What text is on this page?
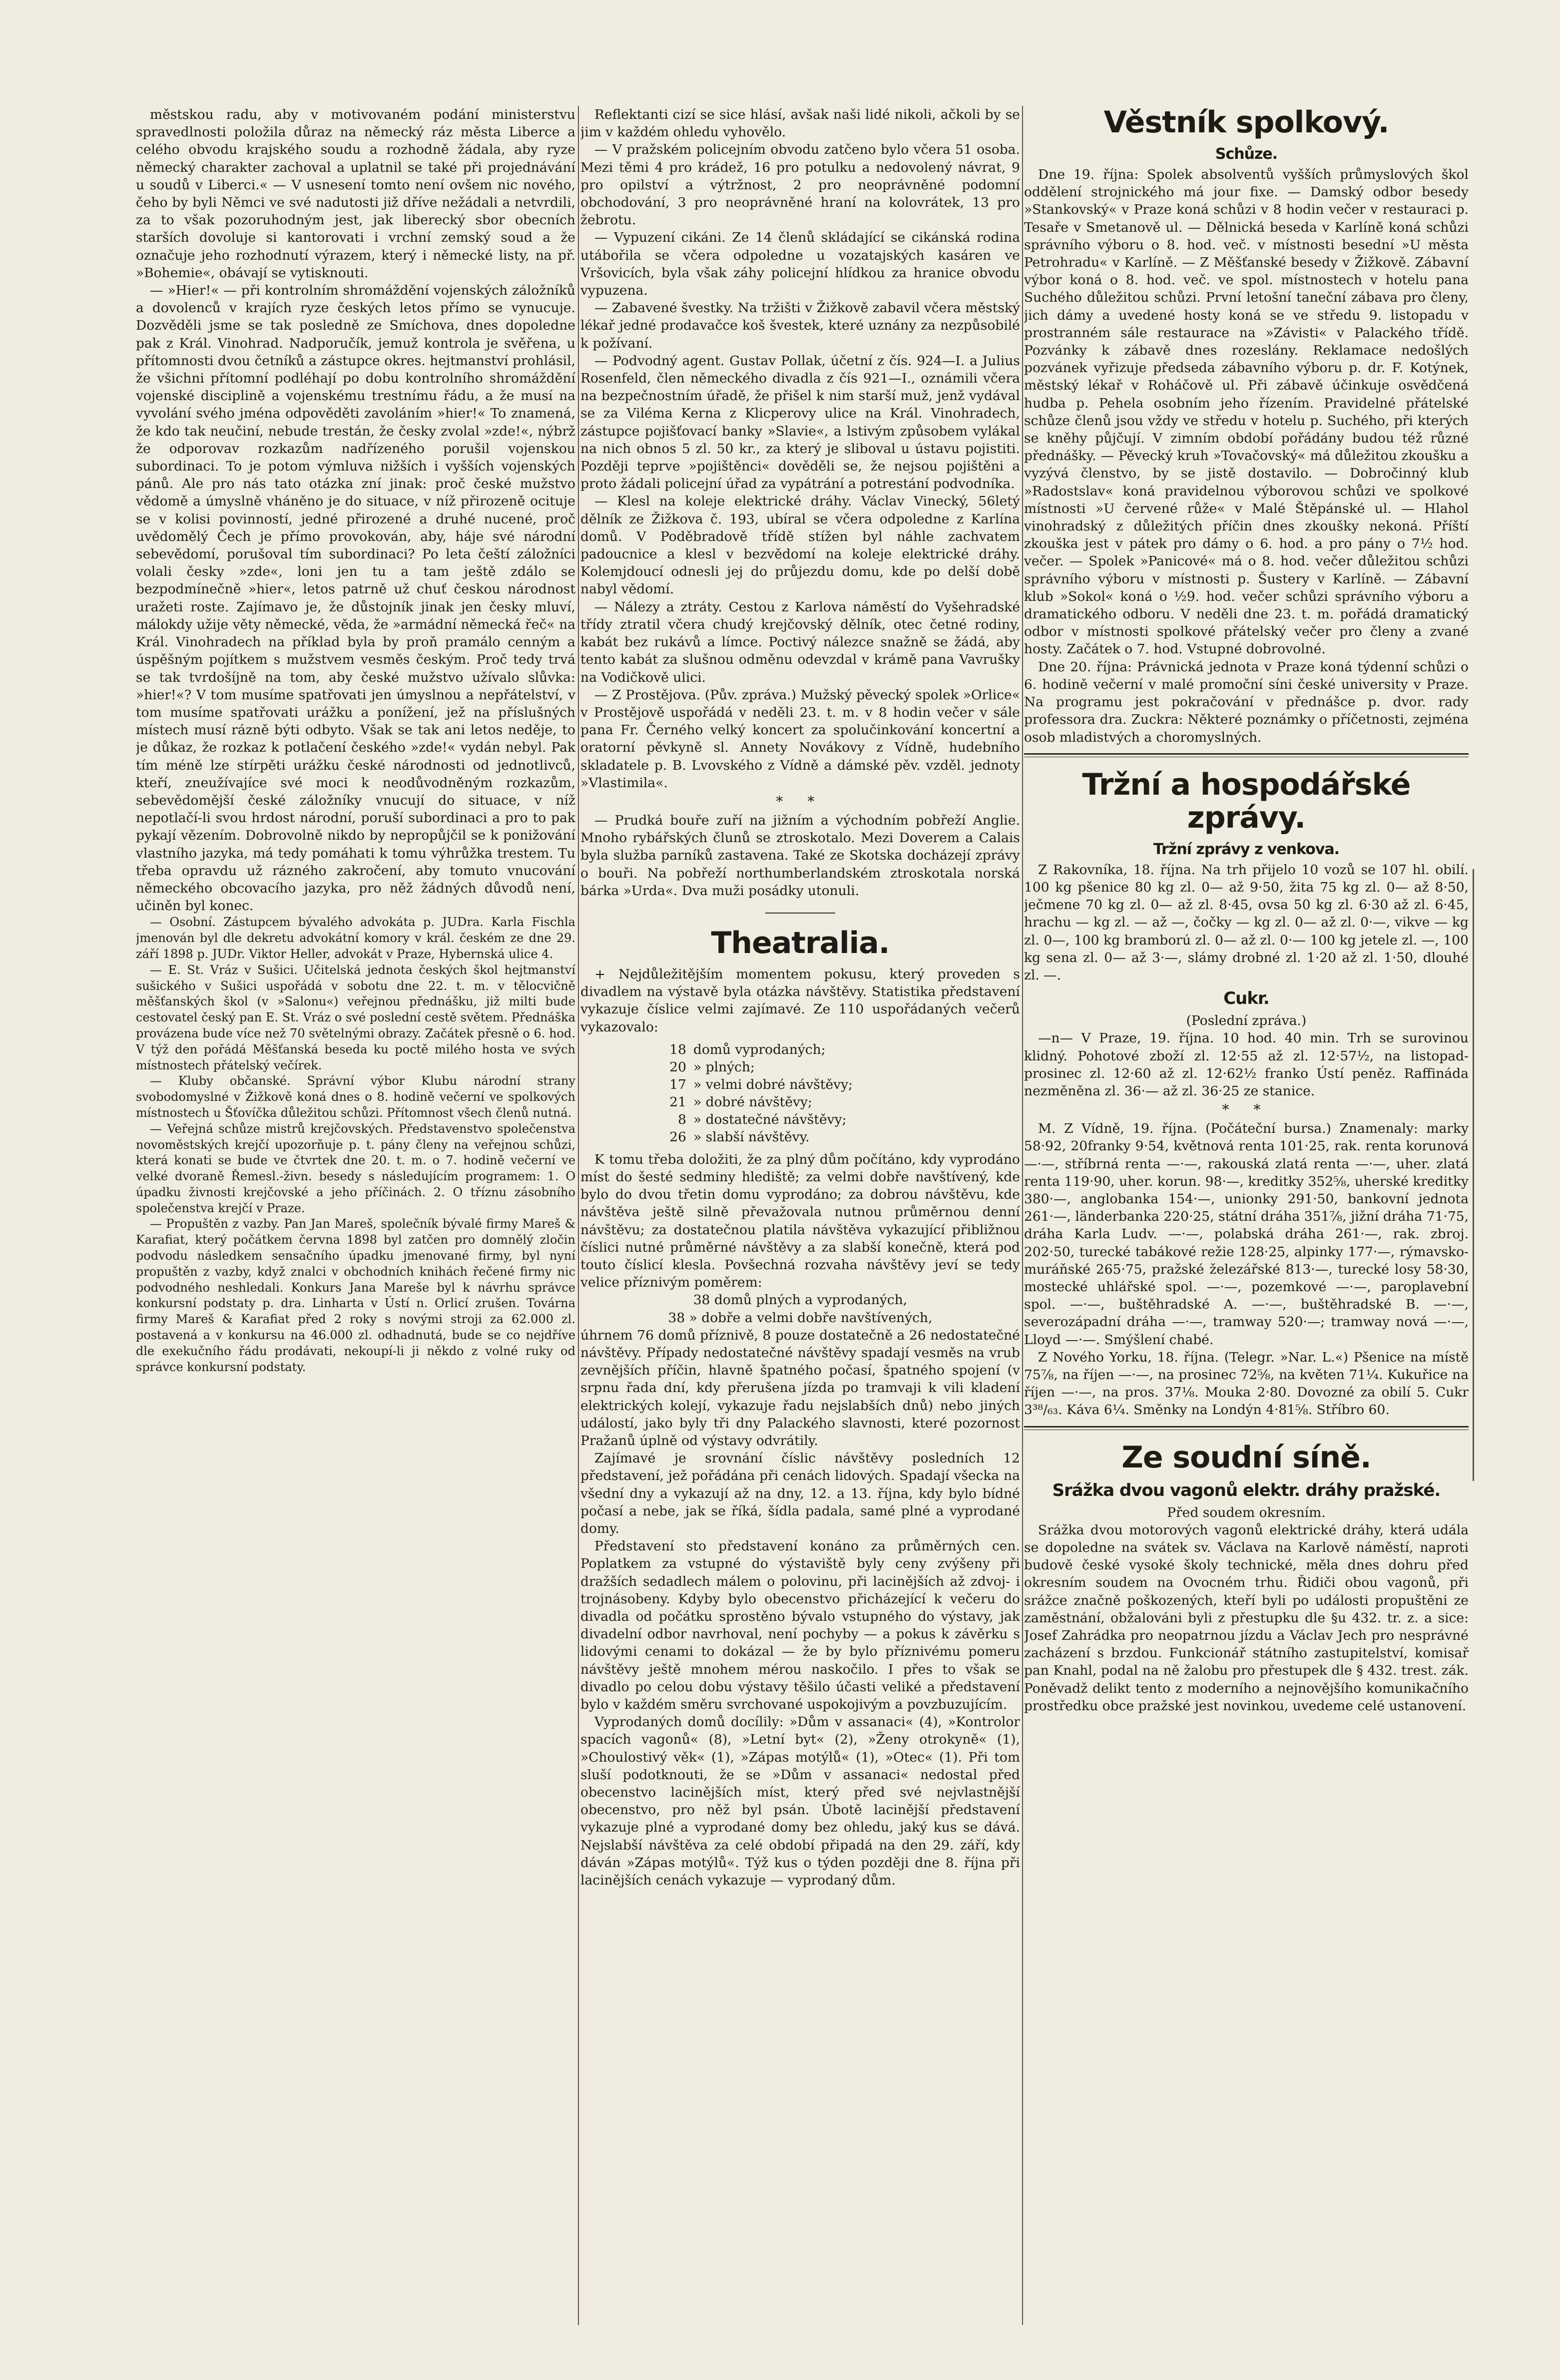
městskou radu, aby v motivovaném podání ministerstvu spravedlnosti položila důraz na německý ráz města Liberce a celého obvodu krajského soudu a rozhodně žádala, aby ryze německý charakter zachoval a uplatnil se také při projednávání u soudů v Liberci.« — V usnesení tomto není ovšem nic nového, čeho by byli Němci ve své nadutosti již dříve nežádali a netvrdili, za to však pozoruhodným jest, jak liberecký sbor obecních starších dovoluje si kantorovati i vrchní zemský soud a že označuje jeho rozhodnutí výrazem, který i německé listy, na př. »Bohemie«, obávají se vytisknouti.

— »Hier!« — při kontrolním shromáždění vojenských záložníků a dovolenců v krajích ryze českých letos přímo se vynucuje. Dozvěděli jsme se tak posledně ze Smíchova, dnes dopoledne pak z Král. Vinohrad. Nadporučík, jemuž kontrola je svěřena, u přítomnosti dvou četníků a zástupce okres. hejtmanství prohlásil, že všichni přítomní podléhají po dobu kontrolního shromáždění vojenské disciplině a vojenskému trestnímu řádu, a že musí na vyvolání svého jména odpověděti zavoláním »hier!« To znamená, že kdo tak neučiní, nebude trestán, že česky zvolal »zde!«, nýbrž že odporovav rozkazům nadřízeného porušil vojenskou subordinaci. To je potom výmluva nižších i vyšších vojenských pánů. Ale pro nás tato otázka zní jinak: proč české mužstvo vědomě a úmyslně vháněno je do situace, v níž přirozeně ocituje se v kolisi povinností, jedné přirozené a druhé nucené, proč uvědomělý Čech je přímo provokován, aby, háje své národní sebevědomí, porušoval tím subordinaci? Po leta čeští záložníci volali česky »zde«, loni jen tu a tam ještě zdálo se bezpodmínečně »hier«, letos patrně už chuť českou národnost uražeti roste. Zajímavo je, že důstojník jinak jen česky mluví, málokdy užije věty německé, věda, že »armádní německá řeč« na Král. Vinohradech na příklad byla by proň pramálo cenným a úspěšným pojítkem s mužstvem vesměs českým. Proč tedy trvá se tak tvrdošíjně na tom, aby české mužstvo užívalo slůvka: »hier!«? V tom musíme spatřovati jen úmyslnou a nepřátelství, v tom musíme spatřovati urážku a ponížení, jež na příslušných místech musí rázně býti odbyto. Však se tak ani letos neděje, to je důkaz, že rozkaz k potlačení českého »zde!« vydán nebyl. Pak tím méně lze stírpěti urážku české národnosti od jednotlivců, kteří, zneužívajíce své moci k neodůvodněným rozkazům, sebevědomější české záložníky vnucují do situace, v níž nepotlačí-li svou hrdost národní, poruší subordinaci a pro to pak pykají vězením. Dobrovolně nikdo by nepropůjčil se k ponižování vlastního jazyka, má tedy pomáhati k tomu výhrůžka trestem. Tu třeba opravdu už rázného zakročení, aby tomuto vnucování německého obcovacího jazyka, pro něž žádných důvodů není, učiněn byl konec.

— Osobní. Zástupcem bývalého advokáta p. JUDra. Karla Fischla jmenován byl dle dekretu advokátní komory v král. českém ze dne 29. září 1898 p. JUDr. Viktor Heller, advokát v Praze, Hybernská ulice 4.

— E. St. Vráz v Sušici. Učitelská jednota českých škol hejtmanství sušického v Sušici uspořádá v sobotu dne 22. t. m. v tělocvičně měšťanských škol (v »Salonu«) veřejnou přednášku, již milti bude cestovatel český pan E. St. Vráz o své poslední cestě světem. Přednáška provázena bude více než 70 světelnými obrazy. Začátek přesně o 6. hod. V týž den pořádá Měšťanská beseda ku poctě milého hosta ve svých místnostech přátelský večírek.

— Kluby občanské. Správní výbor Klubu národní strany svobodomyslné v Žižkově koná dnes o 8. hodině večerní ve spolkových místnostech u Šťovíčka důležitou schůzi. Přítomnost všech členů nutná.

— Veřejná schůze mistrů krejčovských. Představenstvo společenstva novoměstských krejčí upozorňuje p. t. pány členy na veřejnou schůzi, která konati se bude ve čtvrtek dne 20. t. m. o 7. hodině večerní ve velké dvoraně Řemesl.-živn. besedy s následujícím programem: 1. O úpadku živnosti krejčovské a jeho příčinách. 2. O tříznu zásobního společenstva krejčí v Praze.

— Propuštěn z vazby. Pan Jan Mareš, společník bývalé firmy Mareš & Karafiat, který počátkem června 1898 byl zatčen pro domnělý zločin podvodu následkem sensačního úpadku jmenované firmy, byl nyní propuštěn z vazby, když znalci v obchodních knihách řečené firmy nic podvodného neshledali. Konkurs Jana Mareše byl k návrhu správce konkursní podstaty p. dra. Linharta v Ústí n. Orlicí zrušen. Továrna firmy Mareš & Karafiat před 2 roky s novými stroji za 62.000 zl. postavená a v konkursu na 46.000 zl. odhadnutá, bude se co nejdříve dle exekučního řádu prodávati, nekoupí-li ji někdo z volné ruky od správce konkursní podstaty.

Reflektanti cizí se sice hlásí, avšak naši lidé nikoli, ačkoli by se jim v každém ohledu vyhovělo.

— V pražském policejním obvodu zatčeno bylo včera 51 osoba. Mezi těmi 4 pro krádež, 16 pro potulku a nedovolený návrat, 9 pro opilství a výtržnost, 2 pro neoprávněné podomní obchodování, 3 pro neoprávněné hraní na kolovrátek, 13 pro žebrotu.

— Vypuzení cikáni. Ze 14 členů skládající se cikánská rodina utábořila se včera odpoledne u vozatajských kasáren ve Vršovicích, byla však záhy policejní hlídkou za hranice obvodu vypuzena.

— Zabavené švestky. Na tržišti v Žižkově zabavil včera městský lékař jedné prodavačce koš švestek, které uznány za nezpůsobilé k požívaní.

— Podvodný agent. Gustav Pollak, účetní z čís. 924—I. a Julius Rosenfeld, člen německého divadla z čís 921—I., oznámili včera na bezpečnostním úřadě, že přišel k nim starší muž, jenž vydával se za Viléma Kerna z Klicperovy ulice na Král. Vinohradech, zástupce pojišťovací banky »Slavie«, a lstivým způsobem vylákal na nich obnos 5 zl. 50 kr., za který je sliboval u ústavu pojistiti. Později teprve »pojištěnci« dověděli se, že nejsou pojištěni a proto žádali policejní úřad za vypátrání a potrestání podvodníka.

— Klesl na koleje elektrické dráhy. Václav Vinecký, 56letý dělník ze Žižkova č. 193, ubíral se včera odpoledne z Karlína domů. V Poděbradově třídě stížen byl náhle zachvatem padoucnice a klesl v bezvědomí na koleje elektrické dráhy. Kolemjdoucí odnesli jej do průjezdu domu, kde po delší době nabyl vědomí.

— Nálezy a ztráty. Cestou z Karlova náměstí do Vyšehradské třídy ztratil včera chudý krejčovský dělník, otec četné rodiny, kabát bez rukávů a límce. Poctivý nálezce snažně se žádá, aby tento kabát za slušnou odměnu odevzdal v krámě pana Vavrušky na Vodičkově ulici.

— Z Prostějova. (Pův. zpráva.) Mužský pěvecký spolek »Orlice« v Prostějově uspořádá v neděli 23. t. m. v 8 hodin večer v sále pana Fr. Černého velký koncert za spolučinkování koncertní a oratorní pěvkyně sl. Annety Novákovy z Vídně, hudebního skladatele p. B. Lvovského z Vídně a dámské pěv. vzděl. jednoty »Vlastimila«.

* *

— Prudká bouře zuří na jižním a východním pobřeží Anglie. Mnoho rybářských člunů se ztroskotalo. Mezi Doverem a Calais byla služba parníků zastavena. Také ze Skotska docházejí zprávy o bouři. Na pobřeží northumberlandském ztroskotala norská bárka »Urda«. Dva muži posádky utonuli.

Theatralia.

+ Nejdůležitějším momentem pokusu, který proveden s divadlem na výstavě byla otázka návštěvy. Statistika představení vykazuje číslice velmi zajímavé. Ze 110 uspořádaných večerů vykazovalo:

18 domů vyprodaných;
20 » plných;
17 » velmi dobré návštěvy;
21 » dobré návštěvy;
8 » dostatečné návštěvy;
26 » slabší návštěvy.

K tomu třeba doložiti, že za plný dům počítáno, kdy vyprodáno míst do šesté sedminy hlediště; za velmi dobře navštívený, kde bylo do dvou třetin domu vyprodáno; za dobrou návštěvu, kde návštěva ještě silně převažovala nutnou průměrnou denní návštěvu; za dostatečnou platila návštěva vykazující přibližnou číslici nutné průměrné návštěvy a za slabší konečně, která pod touto číslicí klesla. Povšechná rozvaha návštěvy jeví se tedy velice příznivým poměrem:

38 domů plných a vyprodaných,

38 » dobře a velmi dobře navštívených,

úhrnem 76 domů příznivě, 8 pouze dostatečně a 26 nedostatečné návštěvy. Případy nedostatečné návštěvy spadají vesměs na vrub zevnějších příčin, hlavně špatného počasí, špatného spojení (v srpnu řada dní, kdy přerušena jízda po tramvaji k vili kladení elektrických kolejí, vykazuje řadu nejslabších dnů) nebo jiných událostí, jako byly tři dny Palackého slavnosti, které pozornost Pražanů úplně od výstavy odvrátily.

Zajímavé je srovnání číslic návštěvy posledních 12 představení, jež pořádána při cenách lidových. Spadají všecka na všední dny a vykazují až na dny, 12. a 13. října, kdy bylo bídné počasí a nebe, jak se říká, šídla padala, samé plné a vyprodané domy.

Představení sto představení konáno za průměrných cen. Poplatkem za vstupné do výstaviště byly ceny zvýšeny při dražších sedadlech málem o polovinu, při lacinějších až zdvoj- i trojnásobeny. Kdyby bylo obecenstvo přicházející k večeru do divadla od počátku sprostěno bývalo vstupného do výstavy, jak divadelní odbor navrhoval, není pochyby — a pokus k závěrku s lidovými cenami to dokázal — že by bylo příznivému pomeru návštěvy ještě mnohem mérou naskočilo. I přes to však se divadlo po celou dobu výstavy těšilo účasti veliké a představení bylo v každém směru svrchované uspokojivým a povzbuzujícím.

Vyprodaných domů docílily: »Dům v assanaci« (4), »Kontrolor spacích vagonů« (8), »Letní byt« (2), »Ženy otrokyně« (1), »Choulostivý věk« (1), »Zápas motýlů« (1), »Otec« (1). Při tom sluší podotknouti, že se »Dům v assanaci« nedostal před obecenstvo lacinějších míst, který před své nejvlastnější obecenstvo, pro něž byl psán. Úbotě lacinější představení vykazuje plné a vyprodané domy bez ohledu, jaký kus se dává. Nejslabší návštěva za celé období připadá na den 29. září, kdy dáván »Zápas motýlů«. Týž kus o týden později dne 8. října při lacinějších cenách vykazuje — vyprodaný dům.

Věstník spolkový.
Schůze.

Dne 19. října: Spolek absolventů vyšších průmyslových škol oddělení strojnického má jour fixe. — Damský odbor besedy »Stankovský« v Praze koná schůzi v 8 hodin večer v restauraci p. Tesaře v Smetanově ul. — Dělnická beseda v Karlíně koná schůzi správního výboru o 8. hod. več. v místnosti besední »U města Petrohradu« v Karlíně. — Z Měšťanské besedy v Žižkově. Zábavní výbor koná o 8. hod. več. ve spol. místnostech v hotelu pana Suchého důležitou schůzi. První letošní taneční zábava pro členy, jich dámy a uvedené hosty koná se ve středu 9. listopadu v prostranném sále restaurace na »Závisti« v Palackého třídě. Pozvánky k zábavě dnes rozeslány. Reklamace nedošlých pozvánek vyřizuje předseda zábavního výboru p. dr. F. Kotýnek, městský lékař v Roháčově ul. Při zábavě účinkuje osvědčená hudba p. Pehela osobním jeho řízením. Pravidelné přátelské schůze členů jsou vždy ve středu v hotelu p. Suchého, při kterých se kněhy půjčují. V zimním období pořádány budou též různé přednášky. — Pěvecký kruh »Tovačovský« má důležitou zkoušku a vyzývá členstvo, by se jistě dostavilo. — Dobročinný klub »Radostslav« koná pravidelnou výborovou schůzi ve spolkové místnosti »U červené růže« v Malé Štěpánské ul. — Hlahol vinohradský z důležitých příčin dnes zkoušky nekoná. Příští zkouška jest v pátek pro dámy o 6. hod. a pro pány o 7½ hod. večer. — Spolek »Panicové« má o 8. hod. večer důležitou schůzi správního výboru v místnosti p. Šustery v Karlíně. — Zábavní klub »Sokol« koná o ½9. hod. večer schůzi správního výboru a dramatického odboru. V neděli dne 23. t. m. pořádá dramatický odbor v místnosti spolkové přátelský večer pro členy a zvané hosty. Začátek o 7. hod. Vstupné dobrovolné.

Dne 20. října: Právnická jednota v Praze koná týdenní schůzi o 6. hodině večerní v malé promoční síni české university v Praze. Na programu jest pokračování v přednášce p. dvor. rady professora dra. Zuckra: Některé poznámky o příčetnosti, zejména osob mladistvých a choromyslných.

Tržní a hospodářské zprávy.
Tržní zprávy z venkova.

Z Rakovníka, 18. října. Na trh přijelo 10 vozů se 107 hl. obilí. 100 kg pšenice 80 kg zl. 0— až 9·50, žita 75 kg zl. 0— až 8·50, ječmene 70 kg zl. 0— až zl. 8·45, ovsa 50 kg zl. 6·30 až zl. 6·45, hrachu — kg zl. — až —, čočky — kg zl. 0— až zl. 0·—, vikve — kg zl. 0—, 100 kg bramború zl. 0— až zl. 0·— 100 kg jetele zl. —, 100 kg sena zl. 0— až 3·—, slámy drobné zl. 1·20 až zl. 1·50, dlouhé zl. —.

Cukr.

(Poslední zpráva.)

—n— V Praze, 19. října. 10 hod. 40 min. Trh se surovinou klidný. Pohotové zboží zl. 12·55 až zl. 12·57½, na listopad-prosinec zl. 12·60 až zl. 12·62½ franko Ústí peněz. Raffináda nezměněna zl. 36·— až zl. 36·25 ze stanice.

* *

M. Z Vídně, 19. října. (Počáteční bursa.) Znamenaly: marky 58·92, 20franky 9·54, květnová renta 101·25, rak. renta korunová —·—, stříbrná renta —·—, rakouská zlatá renta —·—, uher. zlatá renta 119·90, uher. korun. 98·—, kreditky 352⅝, uherské kreditky 380·—, anglobanka 154·—, unionky 291·50, bankovní jednota 261·—, länderbanka 220·25, státní dráha 351⅞, jižní dráha 71·75, dráha Karla Ludv. —·—, polabská dráha 261·—, rak. zbroj. 202·50, turecké tabákové režie 128·25, alpinky 177·—, rýmavsko-muráňské 265·75, pražské železářské 813·—, turecké losy 58·30, mostecké uhlářské spol. —·—, pozemkové —·—, paroplavební spol. —·—, buštěhradské A. —·—, buštěhradské B. —·—, severozápadní dráha —·—, tramway 520·—; tramway nová —·—, Lloyd —·—. Smýšlení chabé.

Z Nového Yorku, 18. října. (Telegr. »Nar. L.«) Pšenice na místě 75⅞, na říjen —·—, na prosinec 72⅝, na květen 71¼. Kukuřice na říjen —·—, na pros. 37⅛. Mouka 2·80. Dovozné za obilí 5. Cukr 3³⁸/₆₃. Kávа 6¼. Směnky na Londýn 4·81⅝. Stříbro 60.

Ze soudní síně.
Srážka dvou vagonů elektr. dráhy pražské.

Před soudem okresním.

Srážka dvou motorových vagonů elektrické dráhy, která udála se dopoledne na svátek sv. Václava na Karlově náměstí, naproti budově české vysoké školy technické, měla dnes dohru před okresním soudem na Ovocném trhu. Řidiči obou vagonů, při srážce značně poškozených, kteří byli po události propuštěni ze zaměstnání, obžalováni byli z přestupku dle §u 432. tr. z. a sice: Josef Zahrádka pro neopatrnou jízdu a Václav Jech pro nesprávné zacházení s brzdou. Funkcionář státního zastupitelství, komisař pan Knahl, podal na ně žalobu pro přestupek dle § 432. trest. zák. Poněvadž delikt tento z moderního a nejnovějšího komunikačního prostředku obce pražské jest novinkou, uvedeme celé ustanovení.
